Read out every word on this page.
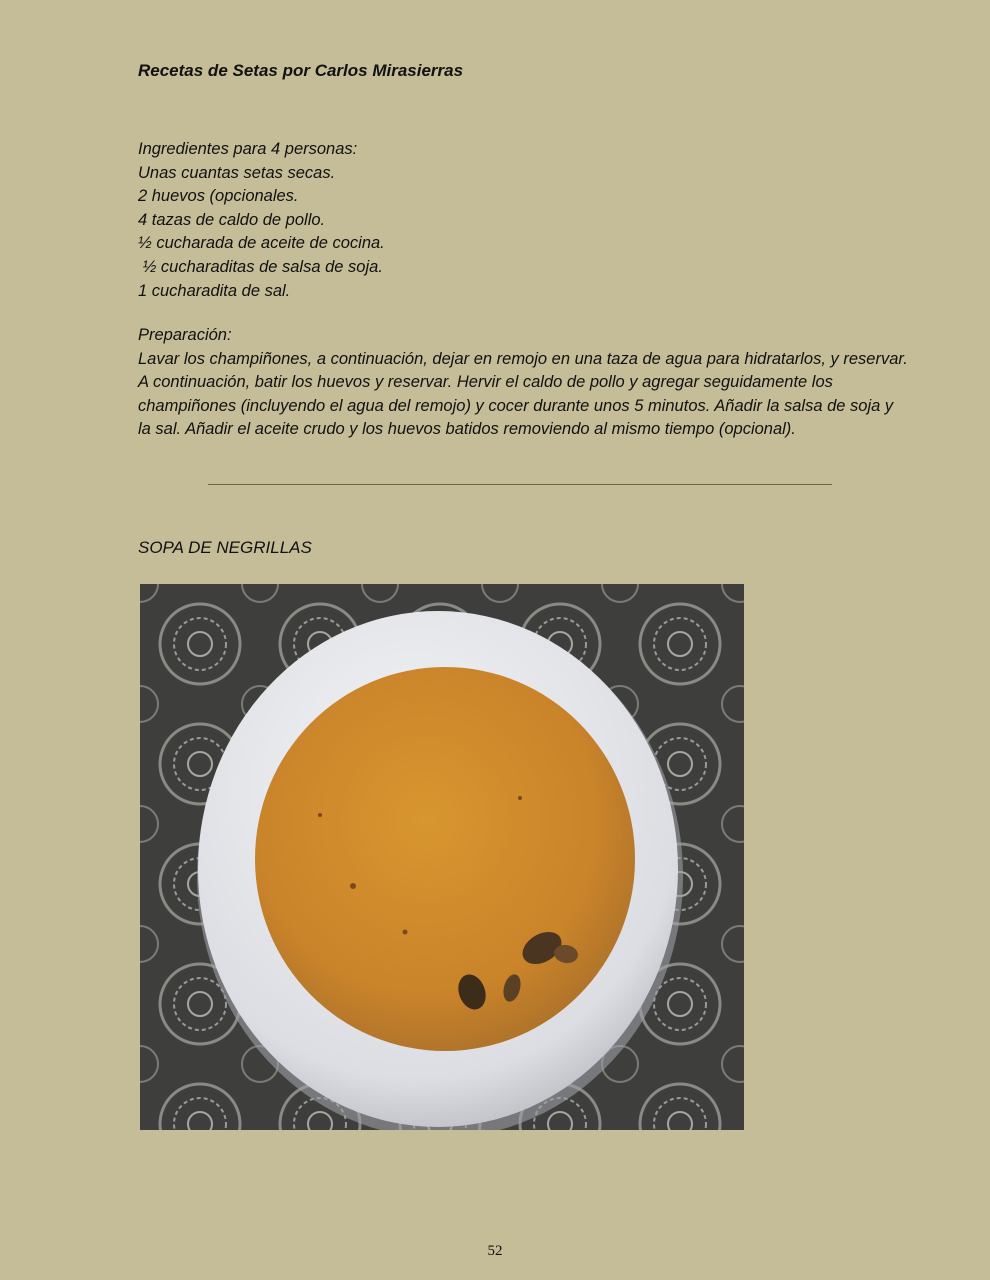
Recetas de Setas por Carlos Mirasierras
Ingredientes para 4 personas:
Unas cuantas setas secas.
2 huevos (opcionales.
4 tazas de caldo de pollo.
½ cucharada de aceite de cocina.
½ cucharaditas de salsa de soja.
1 cucharadita de sal.
Preparación:
Lavar los champiñones, a continuación, dejar en remojo en una taza de agua para hidratarlos, y reservar. A continuación, batir los huevos y reservar. Hervir el caldo de pollo y agregar seguidamente los champiñones (incluyendo el agua del remojo) y cocer durante unos 5 minutos. Añadir la salsa de soja y la sal. Añadir el aceite crudo y los huevos batidos removiendo al mismo tiempo (opcional).
SOPA DE NEGRILLAS
52
